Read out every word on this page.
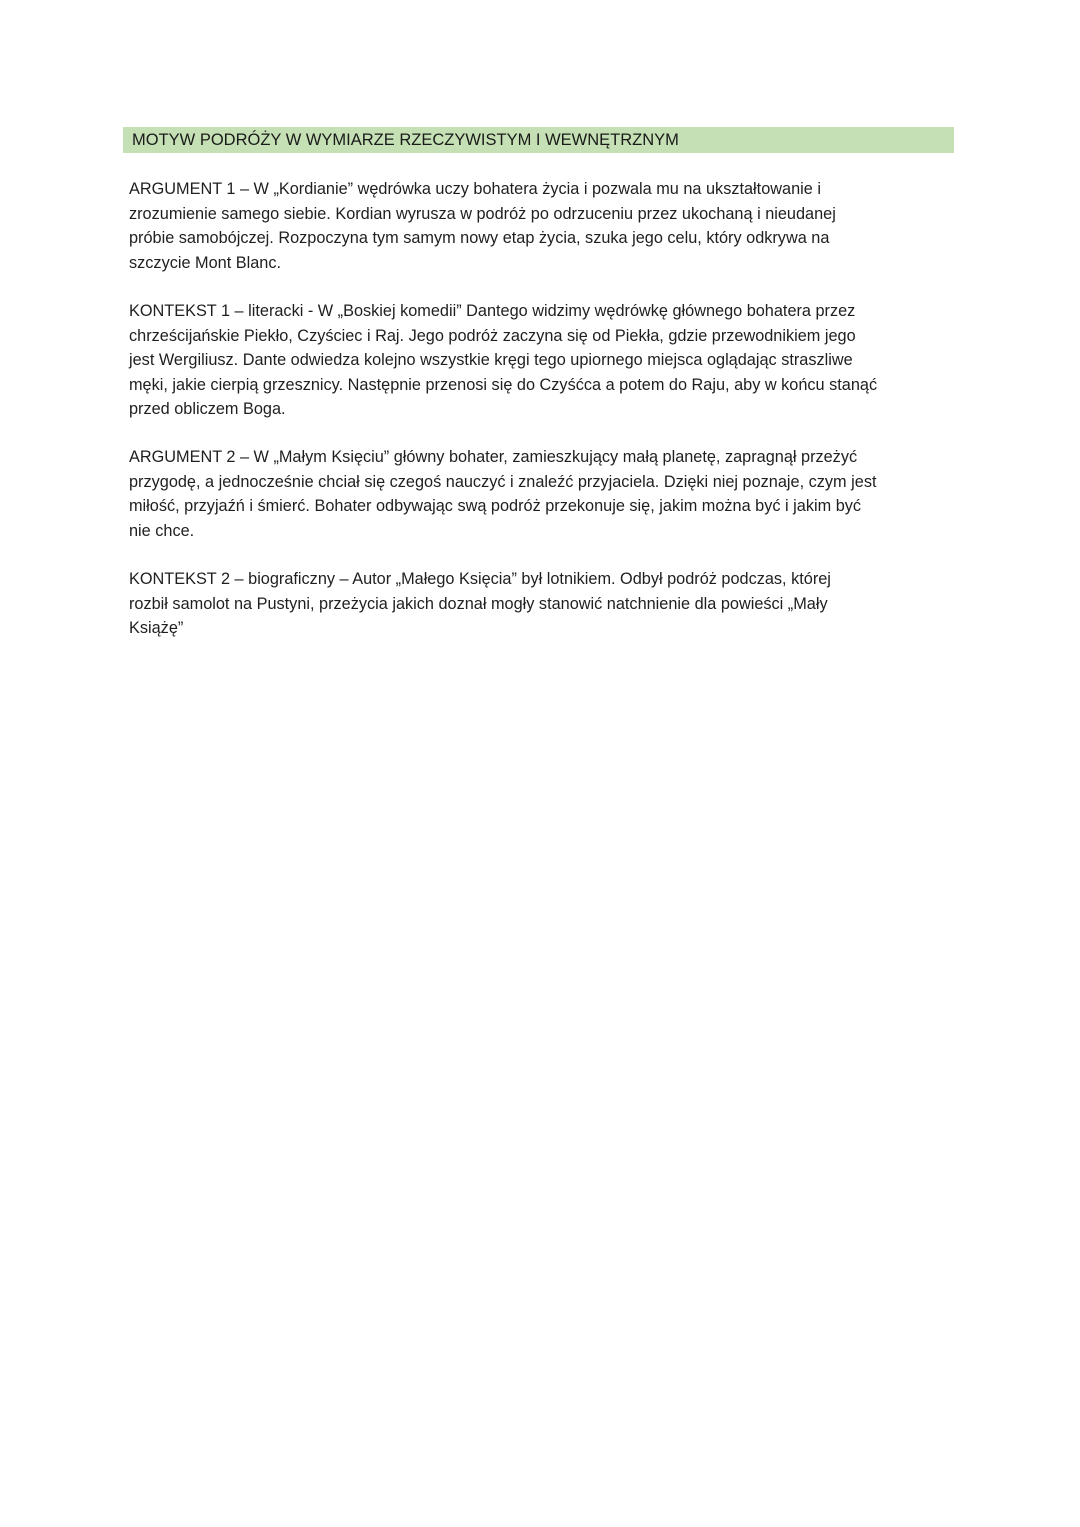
MOTYW PODRÓŻY W WYMIARZE RZECZYWISTYM I WEWNĘTRZNYM
ARGUMENT 1 – W „Kordianie” wędrówka uczy bohatera życia i pozwala mu na ukształtowanie i
zrozumienie samego siebie. Kordian wyrusza w podróż po odrzuceniu przez ukochaną i nieudanej
próbie samobójczej. Rozpoczyna tym samym nowy etap życia, szuka jego celu, który odkrywa na
szczycie Mont Blanc.
KONTEKST 1 – literacki - W „Boskiej komedii” Dantego widzimy wędrówkę głównego bohatera przez
chrześcijańskie Piekło, Czyściec i Raj. Jego podróż zaczyna się od Piekła, gdzie przewodnikiem jego
jest Wergiliusz. Dante odwiedza kolejno wszystkie kręgi tego upiornego miejsca oglądając straszliwe
męki, jakie cierpią grzesznicy. Następnie przenosi się do Czyśćca a potem do Raju, aby w końcu stanąć
przed obliczem Boga.
ARGUMENT 2 – W „Małym Księciu” główny bohater, zamieszkujący małą planetę, zapragnął przeżyć
przygodę, a jednocześnie chciał się czegoś nauczyć i znaleźć przyjaciela. Dzięki niej poznaje, czym jest
miłość, przyjaźń i śmierć. Bohater odbywając swą podróż przekonuje się, jakim można być i jakim być
nie chce.
KONTEKST 2 – biograficzny – Autor „Małego Księcia” był lotnikiem. Odbył podróż podczas, której
rozbił samolot na Pustyni, przeżycia jakich doznał mogły stanowić natchnienie dla powieści „Mały
Książę”
